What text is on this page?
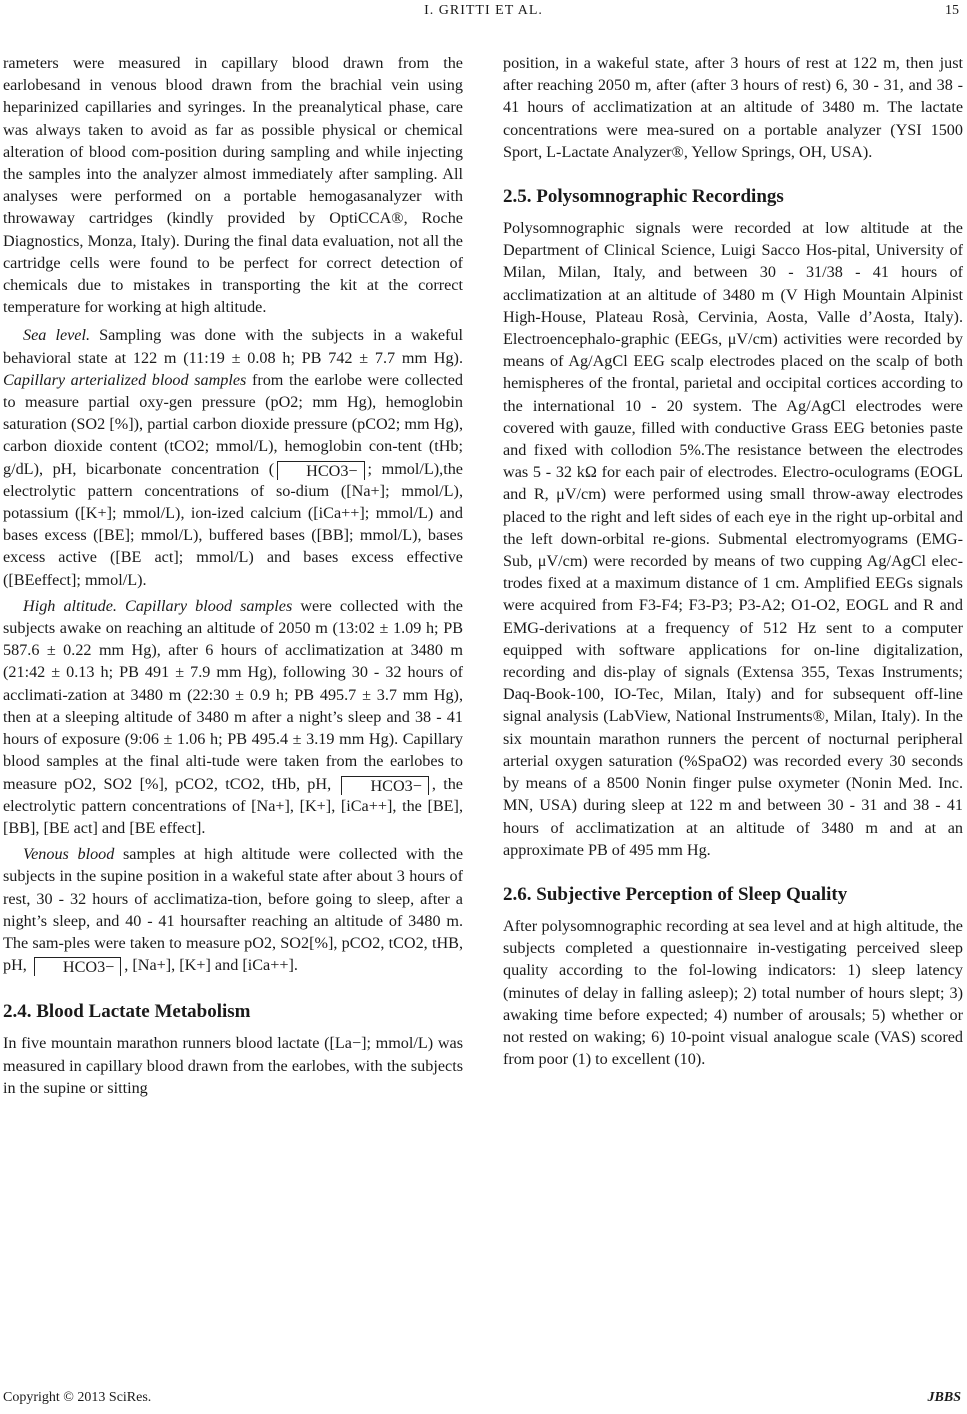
I. GRITTI ET AL.	15

rameters were measured in capillary blood drawn from the earlobesand in venous blood drawn from the brachial vein using heparinized capillaries and syringes. In the preanalytical phase, care was always taken to avoid as far as possible physical or chemical alteration of blood com-position during sampling and while injecting the samples into the analyzer almost immediately after sampling. All analyses were performed on a portable hemogasanalyzer with throwaway cartridges (kindly provided by OptiCCA®, Roche Diagnostics, Monza, Italy). During the final data evaluation, not all the cartridge cells were found to be perfect for correct detection of chemicals due to mistakes in transporting the kit at the correct temperature for working at high altitude.

Sea level. Sampling was done with the subjects in a wakeful behavioral state at 122 m (11:19 ± 0.08 h; PB 742 ± 7.7 mm Hg). Capillary arterialized blood samples from the earlobe were collected to measure partial oxy-gen pressure (pO2; mm Hg), hemoglobin saturation (SO2 [%]), partial carbon dioxide pressure (pCO2; mm Hg), carbon dioxide content (tCO2; mmol/L), hemoglobin con-tent (tHb; g/dL), pH, bicarbonate concentration ( HCO3− ; mmol/L),the electrolytic pattern concentrations of so-dium ([Na+]; mmol/L), potassium ([K+]; mmol/L), ion-ized calcium ([iCa++]; mmol/L) and bases excess ([BE]; mmol/L), buffered bases ([BB]; mmol/L), bases excess active ([BE act]; mmol/L) and bases excess effective ([BEeffect]; mmol/L).

High altitude. Capillary blood samples were collected with the subjects awake on reaching an altitude of 2050 m (13:02 ± 1.09 h; PB 587.6 ± 0.22 mm Hg), after 6 hours of acclimatization at 3480 m (21:42 ± 0.13 h; PB 491 ± 7.9 mm Hg), following 30 - 32 hours of acclimati-zation at 3480 m (22:30 ± 0.9 h; PB 495.7 ± 3.7 mm Hg), then at a sleeping altitude of 3480 m after a night’s sleep and 38 - 41 hours of exposure (9:06 ± 1.06 h; PB 495.4 ± 3.19 mm Hg). Capillary blood samples at the final alti-tude were taken from the earlobes to measure pO2, SO2 [%], pCO2, tCO2, tHb, pH, HCO3− , the electrolytic pattern concentrations of [Na+], [K+], [iCa++], the [BE], [BB], [BE act] and [BE effect].

Venous blood samples at high altitude were collected with the subjects in the supine position in a wakeful state after about 3 hours of rest, 30 - 32 hours of acclimatiza-tion, before going to sleep, after a night’s sleep, and 40 - 41 hoursafter reaching an altitude of 3480 m. The sam-ples were taken to measure pO2, SO2[%], pCO2, tCO2, tHB, pH, HCO3− , [Na+], [K+] and [iCa++].

2.4. Blood Lactate Metabolism

In five mountain marathon runners blood lactate ([La−]; mmol/L) was measured in capillary blood drawn from the earlobes, with the subjects in the supine or sitting

position, in a wakeful state, after 3 hours of rest at 122 m, then just after reaching 2050 m, after (after 3 hours of rest) 6, 30 - 31, and 38 - 41 hours of acclimatization at an altitude of 3480 m. The lactate concentrations were mea-sured on a portable analyzer (YSI 1500 Sport, L-Lactate Analyzer®, Yellow Springs, OH, USA).

2.5. Polysomnographic Recordings

Polysomnographic signals were recorded at low altitude at the Department of Clinical Science, Luigi Sacco Hos-pital, University of Milan, Milan, Italy, and between 30 - 31/38 - 41 hours of acclimatization at an altitude of 3480 m (V High Mountain Alpinist High-House, Plateau Rosà, Cervinia, Aosta, Valle d’Aosta, Italy). Electroencephalo-graphic (EEGs, μV/cm) activities were recorded by means of Ag/AgCl EEG scalp electrodes placed on the scalp of both hemispheres of the frontal, parietal and occipital cortices according to the international 10 - 20 system. The Ag/AgCl electrodes were covered with gauze, filled with conductive Grass EEG betonies paste and fixed with collodion 5%.The resistance between the electrodes was 5 - 32 kΩ for each pair of electrodes. Electro-oculograms (EOGL and R, μV/cm) were performed using small throw-away electrodes placed to the right and left sides of each eye in the right up-orbital and the left down-orbital re-gions. Submental electromyograms (EMG-Sub, μV/cm) were recorded by means of two cupping Ag/AgCl elec-trodes fixed at a maximum distance of 1 cm. Amplified EEGs signals were acquired from F3-F4; F3-P3; P3-A2; O1-O2, EOGL and R and EMG-derivations at a frequency of 512 Hz sent to a computer equipped with software applications for on-line digitalization, recording and dis-play of signals (Extensa 355, Texas Instruments; Daq-Book-100, IO-Tec, Milan, Italy) and for subsequent off-line signal analysis (LabView, National Instruments®, Milan, Italy). In the six mountain marathon runners the percent of nocturnal peripheral arterial oxygen saturation (%SpaO2) was recorded every 30 seconds by means of a 8500 Nonin finger pulse oxymeter (Nonin Med. Inc. MN, USA) during sleep at 122 m and between 30 - 31 and 38 - 41 hours of acclimatization at an altitude of 3480 m and at an approximate PB of 495 mm Hg.

2.6. Subjective Perception of Sleep Quality

After polysomnographic recording at sea level and at high altitude, the subjects completed a questionnaire in-vestigating perceived sleep quality according to the fol-lowing indicators: 1) sleep latency (minutes of delay in falling asleep); 2) total number of hours slept; 3) awaking time before expected; 4) number of arousals; 5) whether or not rested on waking; 6) 10-point visual analogue scale (VAS) scored from poor (1) to excellent (10).

Copyright © 2013 SciRes.	JBBS
